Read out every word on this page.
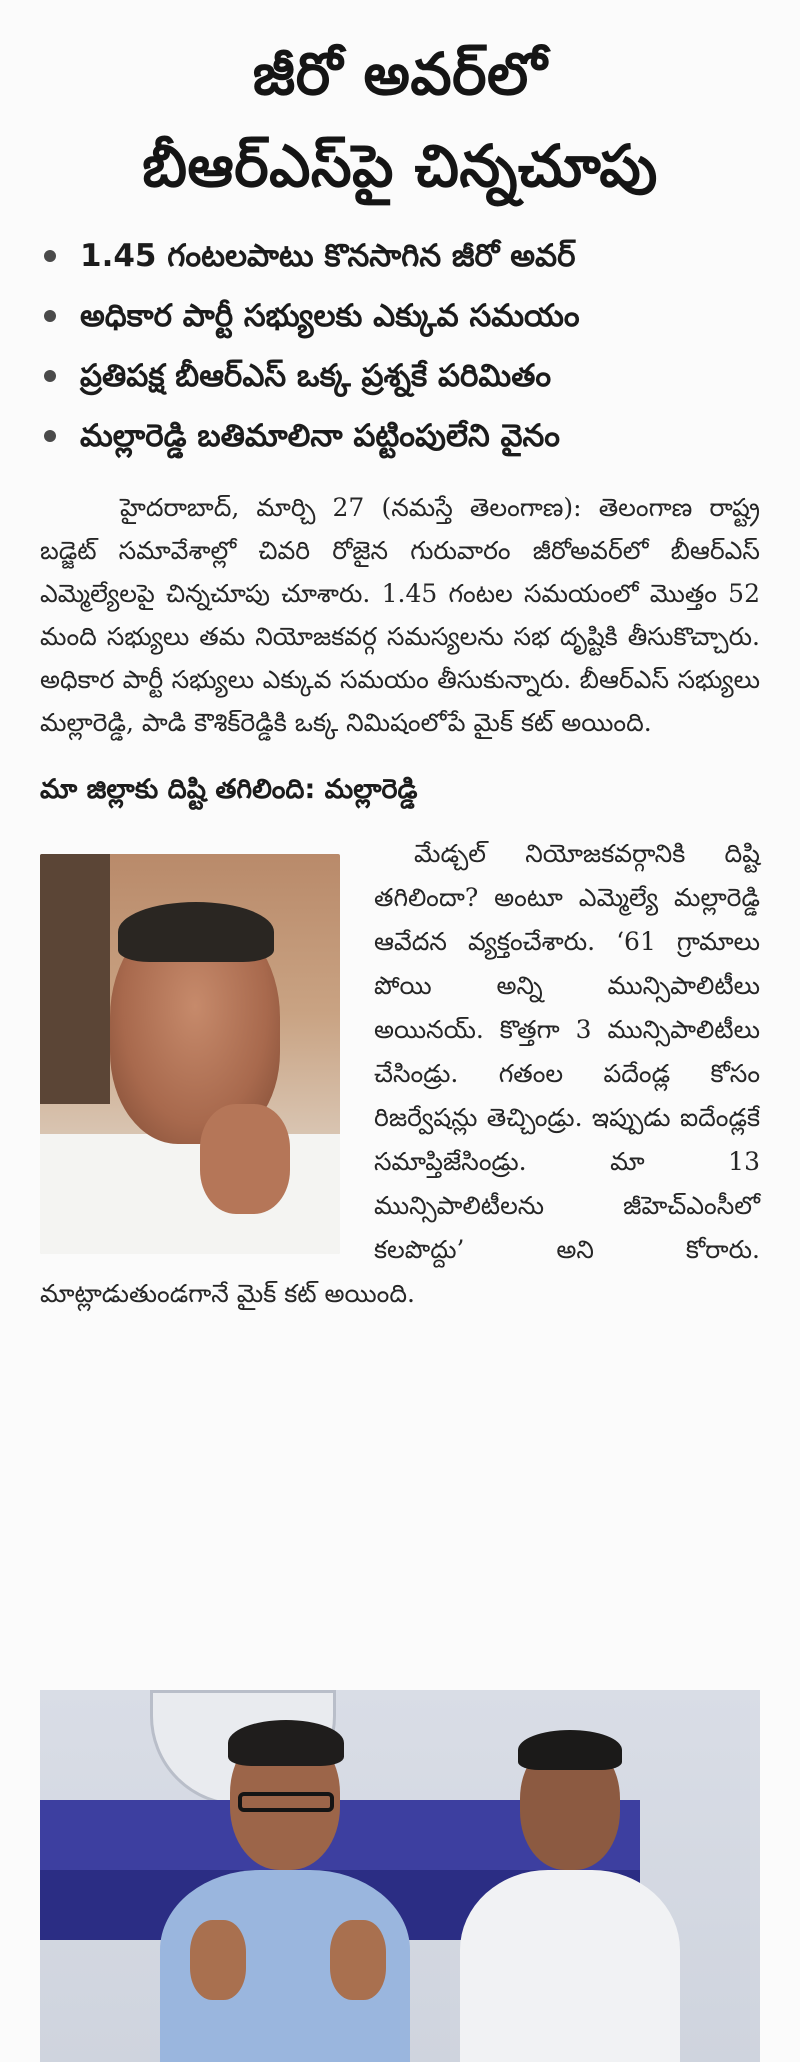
జీరో అవర్‌లో
బీఆర్‌ఎస్‌పై చిన్నచూపు
1.45 గంటలపాటు కొనసాగిన జీరో అవర్
అధికార పార్టీ సభ్యులకు ఎక్కువ సమయం
ప్రతిపక్ష బీఆర్‌ఎస్ ఒక్క ప్రశ్నకే పరిమితం
మల్లారెడ్డి బతిమాలినా పట్టింపులేని వైనం

హైదరాబాద్, మార్చి 27 (నమస్తే తెలంగాణ): తెలంగాణ రాష్ట్ర బడ్జెట్ సమావేశాల్లో చివరి రోజైన గురువారం జీరోఅవర్‌లో బీఆర్‌ఎస్ ఎమ్మెల్యేలపై చిన్నచూపు చూశారు. 1.45 గంటల సమయంలో మొత్తం 52 మంది సభ్యులు తమ నియోజకవర్గ సమస్యలను సభ దృష్టికి తీసుకొచ్చారు. అధికార పార్టీ సభ్యులు ఎక్కువ సమయం తీసుకున్నారు. బీఆర్‌ఎస్ సభ్యులు మల్లారెడ్డి, పాడి కౌశిక్‌రెడ్డికి ఒక్క నిమిషంలోపే మైక్ కట్ అయింది.

మా జిల్లాకు దిష్టి తగిలింది: మల్లారెడ్డి
మేడ్చల్ నియోజకవర్గానికి దిష్టి తగిలిందా? అంటూ ఎమ్మెల్యే మల్లారెడ్డి ఆవేదన వ్యక్తంచేశారు. ‘61 గ్రామాలు పోయి అన్ని మున్సిపాలిటీలు అయినయ్. కొత్తగా 3 మున్సిపాలిటీలు చేసిండ్రు. గతంల పదేండ్ల కోసం రిజర్వేషన్లు తెచ్చిండ్రు. ఇప్పుడు ఐదేండ్లకే సమాప్తిజేసిండ్రు. మా 13 మున్సిపాలిటీలను జీహెచ్‌ఎంసీలో కలపొద్దు’ అని కోరారు. మాట్లాడుతుండగానే మైక్ కట్ అయింది.
